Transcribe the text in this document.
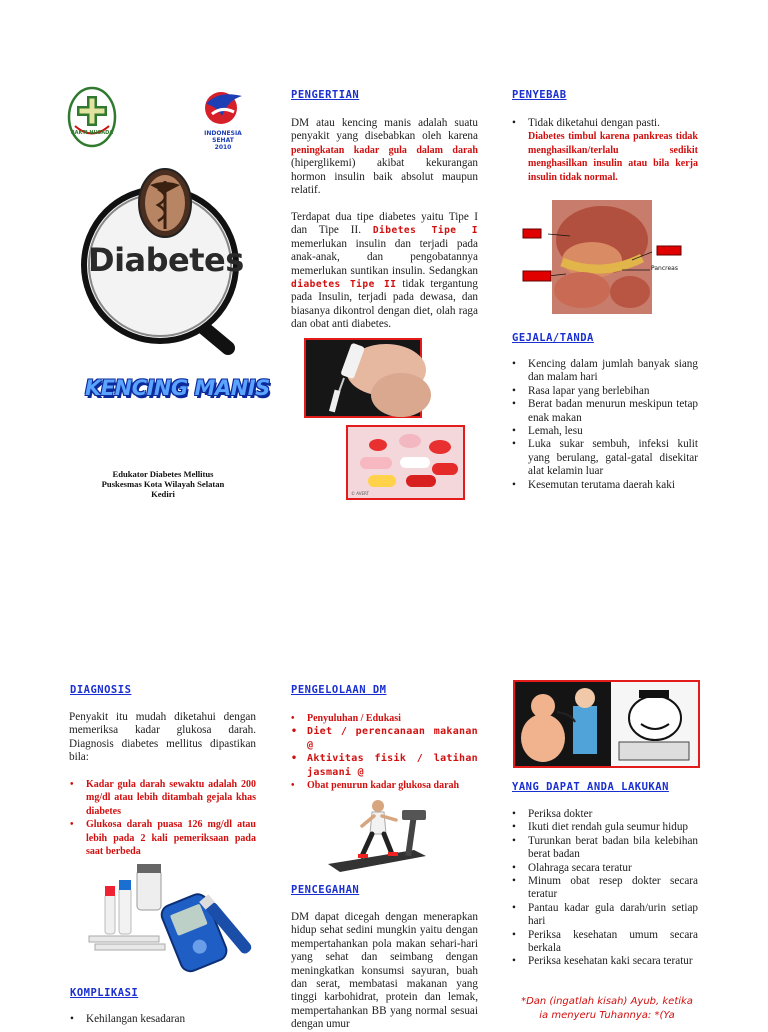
BAKTI HUSADA	INDONESIA
SEHAT
2010
Diabetes
KENCING MANIS
Edukator Diabetes Mellitus
Puskesmas Kota Wilayah Selatan
Kediri
PENGERTIAN
DM atau kencing manis adalah suatu penyakit yang disebabkan oleh karena peningkatan kadar gula dalam darah (hiperglikemi) akibat kekurangan hormon insulin baik absolut maupun relatif.
Terdapat dua tipe diabetes yaitu Tipe I dan Tipe II. Dibetes Tipe I memerlukan insulin dan terjadi pada anak-anak, dan pengobatannya memerlukan suntikan insulin. Sedangkan diabetes Tipe II tidak tergantung pada Insulin, terjadi pada dewasa, dan biasanya dikontrol dengan diet, olah raga dan obat anti diabetes.
© AVERT
PENYEBAB
• Tidak diketahui dengan pasti.
Diabetes timbul karena pankreas tidak menghasilkan/terlalu sedikit menghasilkan insulin atau bila kerja insulin tidak normal.
Pancreas
GEJALA/TANDA
• Kencing dalam jumlah banyak siang dan malam hari
• Rasa lapar yang berlebihan
• Berat badan menurun meskipun tetap enak makan
• Lemah, lesu
• Luka sukar sembuh, infeksi kulit yang berulang, gatal-gatal disekitar alat kelamin luar
• Kesemutan terutama daerah kaki
DIAGNOSIS
Penyakit itu mudah diketahui dengan memeriksa kadar glukosa darah. Diagnosis diabetes mellitus dipastikan bila:
• Kadar gula darah sewaktu adalah 200 mg/dl atau lebih ditambah gejala khas diabetes
• Glukosa darah puasa 126 mg/dl atau lebih pada 2 kali pemeriksaan pada saat berbeda
KOMPLIKASI
• Kehilangan kesadaran
PENGELOLAAN DM
• Penyuluhan / Edukasi
• Diet / perencanaan makanan @
• Aktivitas fisik / latihan jasmani @
• Obat penurun kadar glukosa darah
PENCEGAHAN
DM dapat dicegah dengan menerapkan hidup sehat sedini mungkin yaitu dengan mempertahankan pola makan sehari-hari yang sehat dan seimbang dengan meningkatkan konsumsi sayuran, buah dan serat, membatasi makanan yang tinggi karbohidrat, protein dan lemak, mempertahankan BB yang normal sesuai dengan umur
YANG DAPAT ANDA LAKUKAN
• Periksa dokter
• Ikuti diet rendah gula seumur hidup
• Turunkan berat badan bila kelebihan berat badan
• Olahraga secara teratur
• Minum obat resep dokter secara teratur
• Pantau kadar gula darah/urin setiap hari
• Periksa kesehatan umum secara berkala
• Periksa kesehatan kaki secara teratur
*Dan (ingatlah kisah) Ayub, ketika
ia menyeru Tuhannya: *(Ya
